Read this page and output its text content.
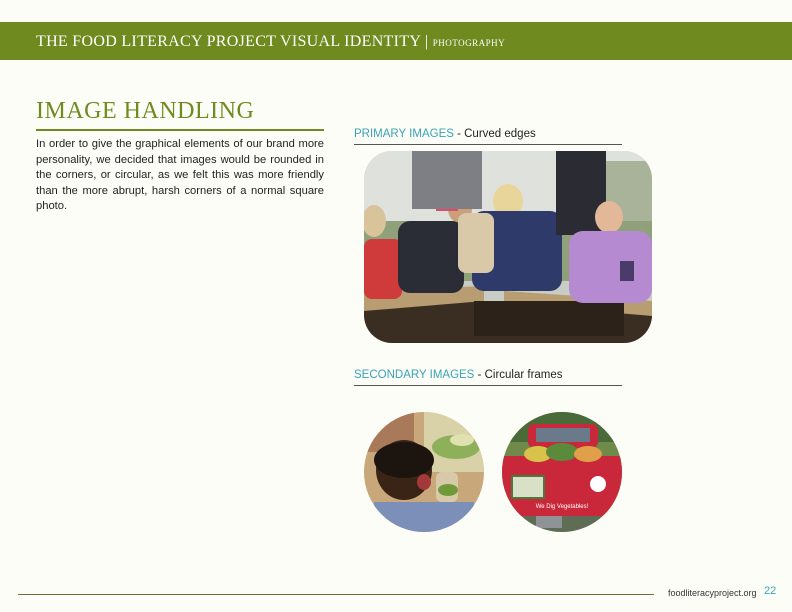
THE FOOD LITERACY PROJECT VISUAL IDENTITY | photography
IMAGE HANDLING

In order to give the graphical elements of our brand more personality, we decided that images would be rounded in the corners, or circular, as we felt this was more friendly than the more abrupt, harsh corners of a normal square photo.

PRIMARY IMAGES - Curved edges
SECONDARY IMAGES - Circular frames
We Dig Vegetables!
foodliteracyproject.org 22
